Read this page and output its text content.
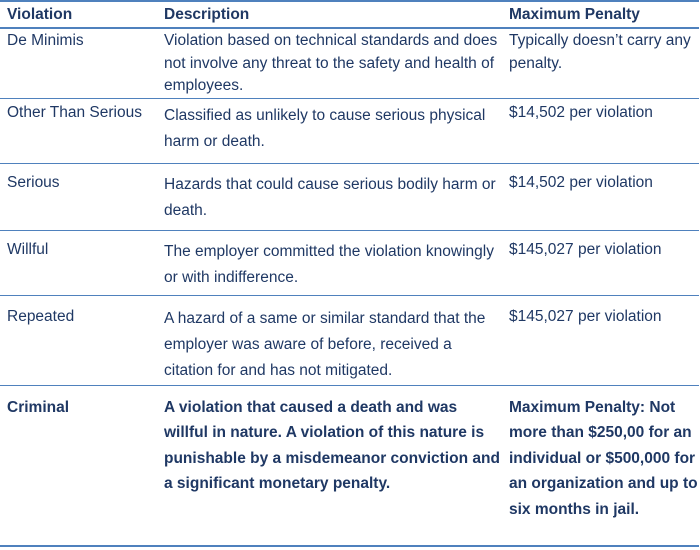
Violation	Description	Maximum Penalty
De Minimis	Violation based on technical standards and does not involve any threat to the safety and health of employees.	Typically doesn’t carry any penalty.
Other Than Serious	Classified as unlikely to cause serious physical harm or death.	$14,502 per violation
Serious	Hazards that could cause serious bodily harm or death.	$14,502 per violation
Willful	The employer committed the violation knowingly or with indifference.	$145,027 per violation
Repeated	A hazard of a same or similar standard that the employer was aware of before, received a citation for and has not mitigated.	$145,027 per violation
Criminal	A violation that caused a death and was willful in nature. A violation of this nature is punishable by a misdemeanor conviction and a significant monetary penalty.	Maximum Penalty: Not more than $250,00 for an individual or $500,000 for an organization and up to six months in jail.
